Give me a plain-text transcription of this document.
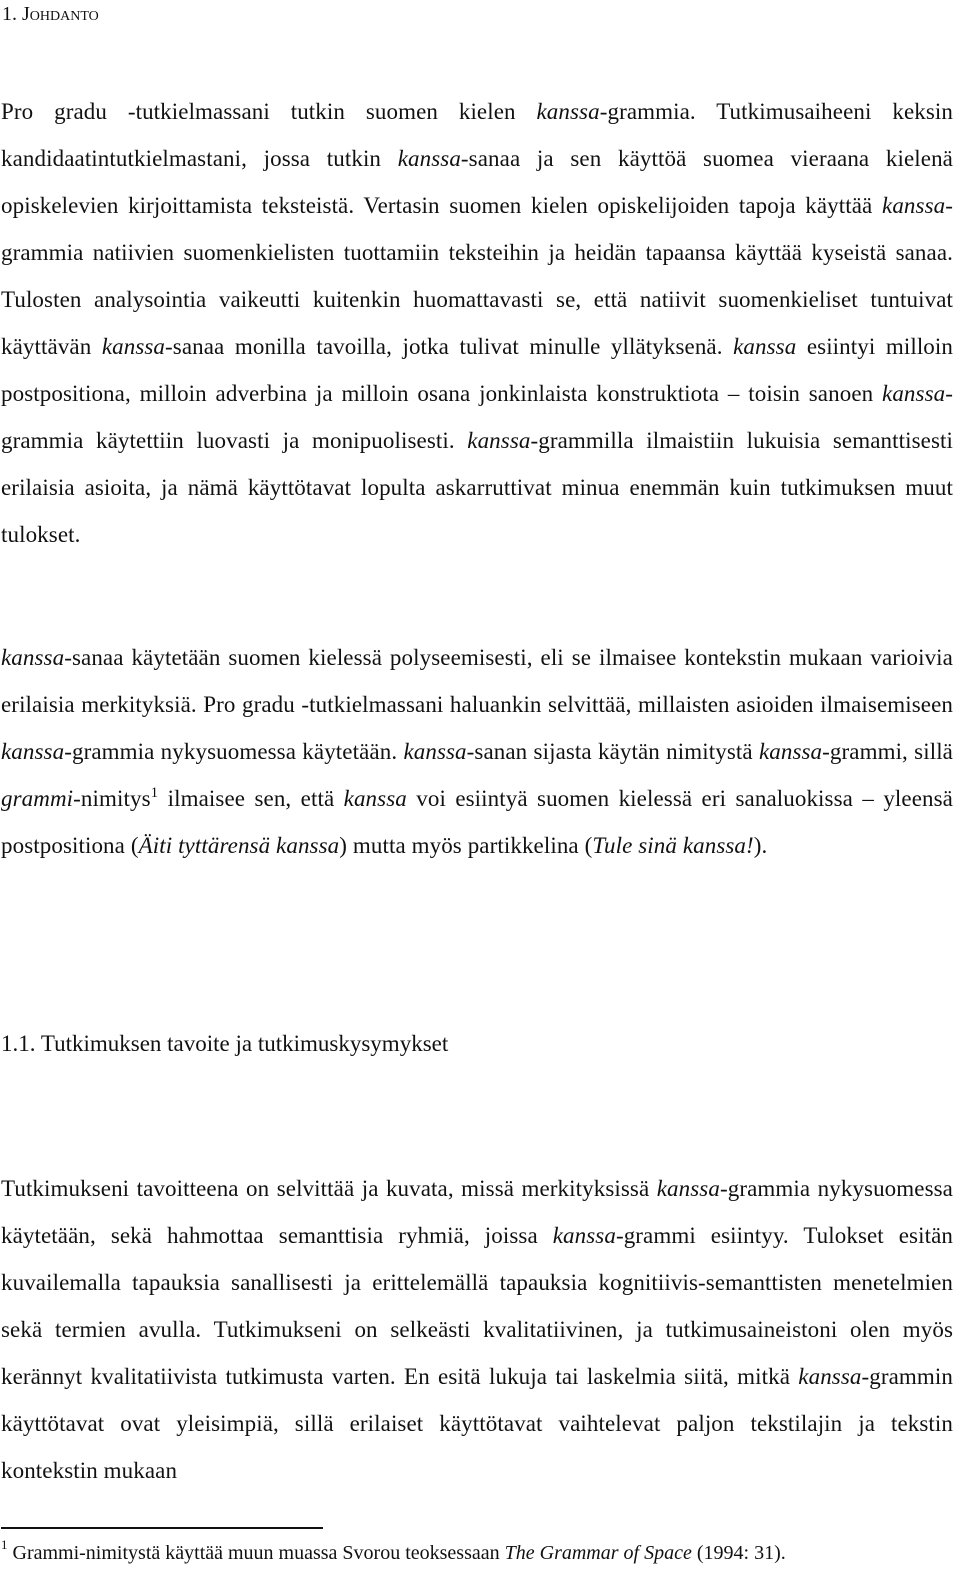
1. Johdanto

Pro gradu -tutkielmassani tutkin suomen kielen kanssa-grammia. Tutkimusaiheeni keksin kandidaatintutkielmastani, jossa tutkin kanssa-sanaa ja sen käyttöä suomea vieraana kielenä opiskelevien kirjoittamista teksteistä. Vertasin suomen kielen opiskelijoiden tapoja käyttää kanssa-grammia natiivien suomenkielisten tuottamiin teksteihin ja heidän tapaansa käyttää kyseistä sanaa. Tulosten analysointia vaikeutti kuitenkin huomattavasti se, että natiivit suomenkieliset tuntuivat käyttävän kanssa-sanaa monilla tavoilla, jotka tulivat minulle yllätyksenä. kanssa esiintyi milloin postpositiona, milloin adverbina ja milloin osana jonkinlaista konstruktiota – toisin sanoen kanssa-grammia käytettiin luovasti ja monipuolisesti. kanssa-grammilla ilmaistiin lukuisia semanttisesti erilaisia asioita, ja nämä käyttötavat lopulta askarruttivat minua enemmän kuin tutkimuksen muut tulokset.

kanssa-sanaa käytetään suomen kielessä polyseemisesti, eli se ilmaisee kontekstin mukaan varioivia erilaisia merkityksiä. Pro gradu -tutkielmassani haluankin selvittää, millaisten asioiden ilmaisemiseen kanssa-grammia nykysuomessa käytetään. kanssa-sanan sijasta käytän nimitystä kanssa-grammi, sillä grammi-nimitys$^1$ ilmaisee sen, että kanssa voi esiintyä suomen kielessä eri sanaluokissa – yleensä postpositiona (Äiti tyttärensä kanssa) mutta myös partikkelina (Tule sinä kanssa!).

1.1. Tutkimuksen tavoite ja tutkimuskysymykset

Tutkimukseni tavoitteena on selvittää ja kuvata, missä merkityksissä kanssa-grammia nykysuomessa käytetään, sekä hahmottaa semanttisia ryhmiä, joissa kanssa-grammi esiintyy. Tulokset esitän kuvailemalla tapauksia sanallisesti ja erittelemällä tapauksia kognitiivis-semanttisten menetelmien sekä termien avulla. Tutkimukseni on selkeästi kvalitatiivinen, ja tutkimusaineistoni olen myös kerännyt kvalitatiivista tutkimusta varten. En esitä lukuja tai laskelmia siitä, mitkä kanssa-grammin käyttötavat ovat yleisimpiä, sillä erilaiset käyttötavat vaihtelevat paljon tekstilajin ja tekstin kontekstin mukaan

$^1$ Grammi-nimitystä käyttää muun muassa Svorou teoksessaan The Grammar of Space (1994: 31).
